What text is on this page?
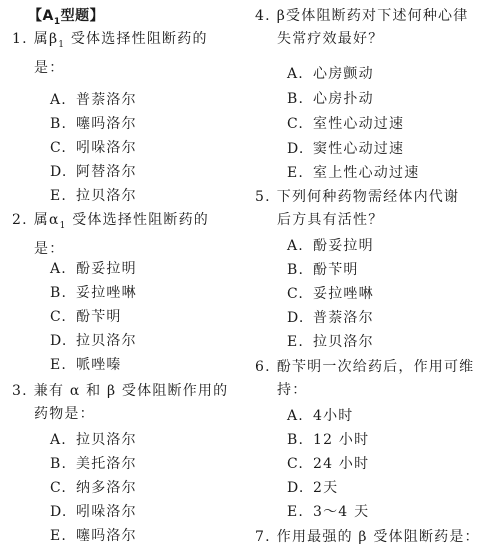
【$A_1$型题】
1. 属$\beta_1$ 受体选择性阻断药的
是：
A. 普萘洛尔
B. 噻吗洛尔
C. 吲哚洛尔
D. 阿替洛尔
E. 拉贝洛尔
2. 属$\alpha_1$ 受体选择性阻断药的
是：
A. 酚妥拉明
B. 妥拉唑啉
C. 酚苄明
D. 拉贝洛尔
E. 哌唑嗪
3. 兼有 α 和 β 受体阻断作用的
药物是：
A. 拉贝洛尔
B. 美托洛尔
C. 纳多洛尔
D. 吲哚洛尔
E. 噻吗洛尔
4. β受体阻断药对下述何种心律
失常疗效最好？
A. 心房颤动
B. 心房扑动
C. 室性心动过速
D. 窦性心动过速
E. 室上性心动过速
5. 下列何种药物需经体内代谢
后方具有活性？
A. 酚妥拉明
B. 酚苄明
C. 妥拉唑啉
D. 普萘洛尔
E. 拉贝洛尔
6. 酚苄明一次给药后，作用可维
持：
A. 4小时
B. 12 小时
C. 24 小时
D. 2天
E. 3～4 天
7. 作用最强的 β 受体阻断药是：
